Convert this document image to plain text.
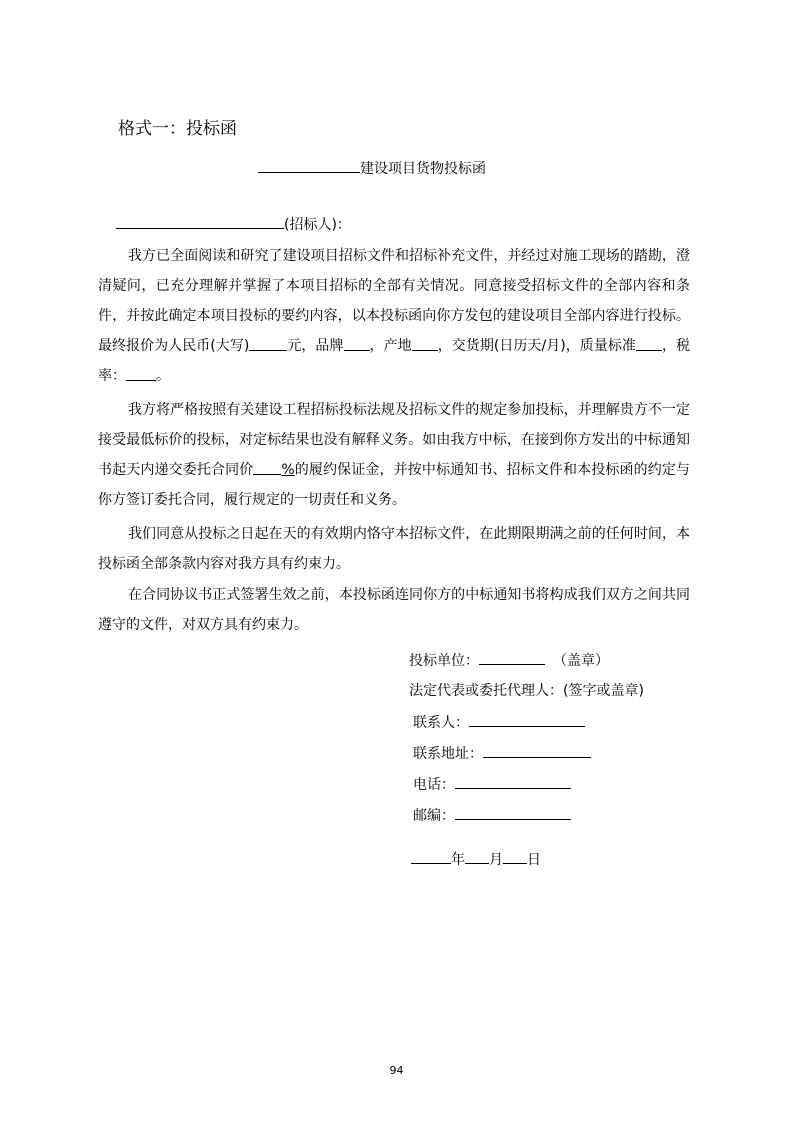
格式一：投标函
建设项目货物投标函
(招标人)：

我方已全面阅读和研究了建设项目招标文件和招标补充文件，并经过对施工现场的踏勘，澄清疑问，已充分理解并掌握了本项目招标的全部有关情况。同意接受招标文件的全部内容和条件，并按此确定本项目投标的要约内容，以本投标函向你方发包的建设项目全部内容进行投标。最终报价为人民币(大写)	元，品牌 ，产地 ，交货期(日历天/月)，质量标准 ，税率： 。

我方将严格按照有关建设工程招标投标法规及招标文件的规定参加投标，并理解贵方不一定接受最低标价的投标，对定标结果也没有解释义务。如由我方中标，在接到你方发出的中标通知书起天内递交委托合同价 %的履约保证金，并按中标通知书、招标文件和本投标函的约定与你方签订委托合同，履行规定的一切责任和义务。

我们同意从投标之日起在天的有效期内恪守本招标文件，在此期限期满之前的任何时间，本投标函全部条款内容对我方具有约束力。

在合同协议书正式签署生效之前，本投标函连同你方的中标通知书将构成我们双方之间共同遵守的文件，对双方具有约束力。

投标单位：	（盖章）
法定代表或委托代理人：(签字或盖章)
联系人：
联系地址：
电话：
邮编：
年 月 日
94
